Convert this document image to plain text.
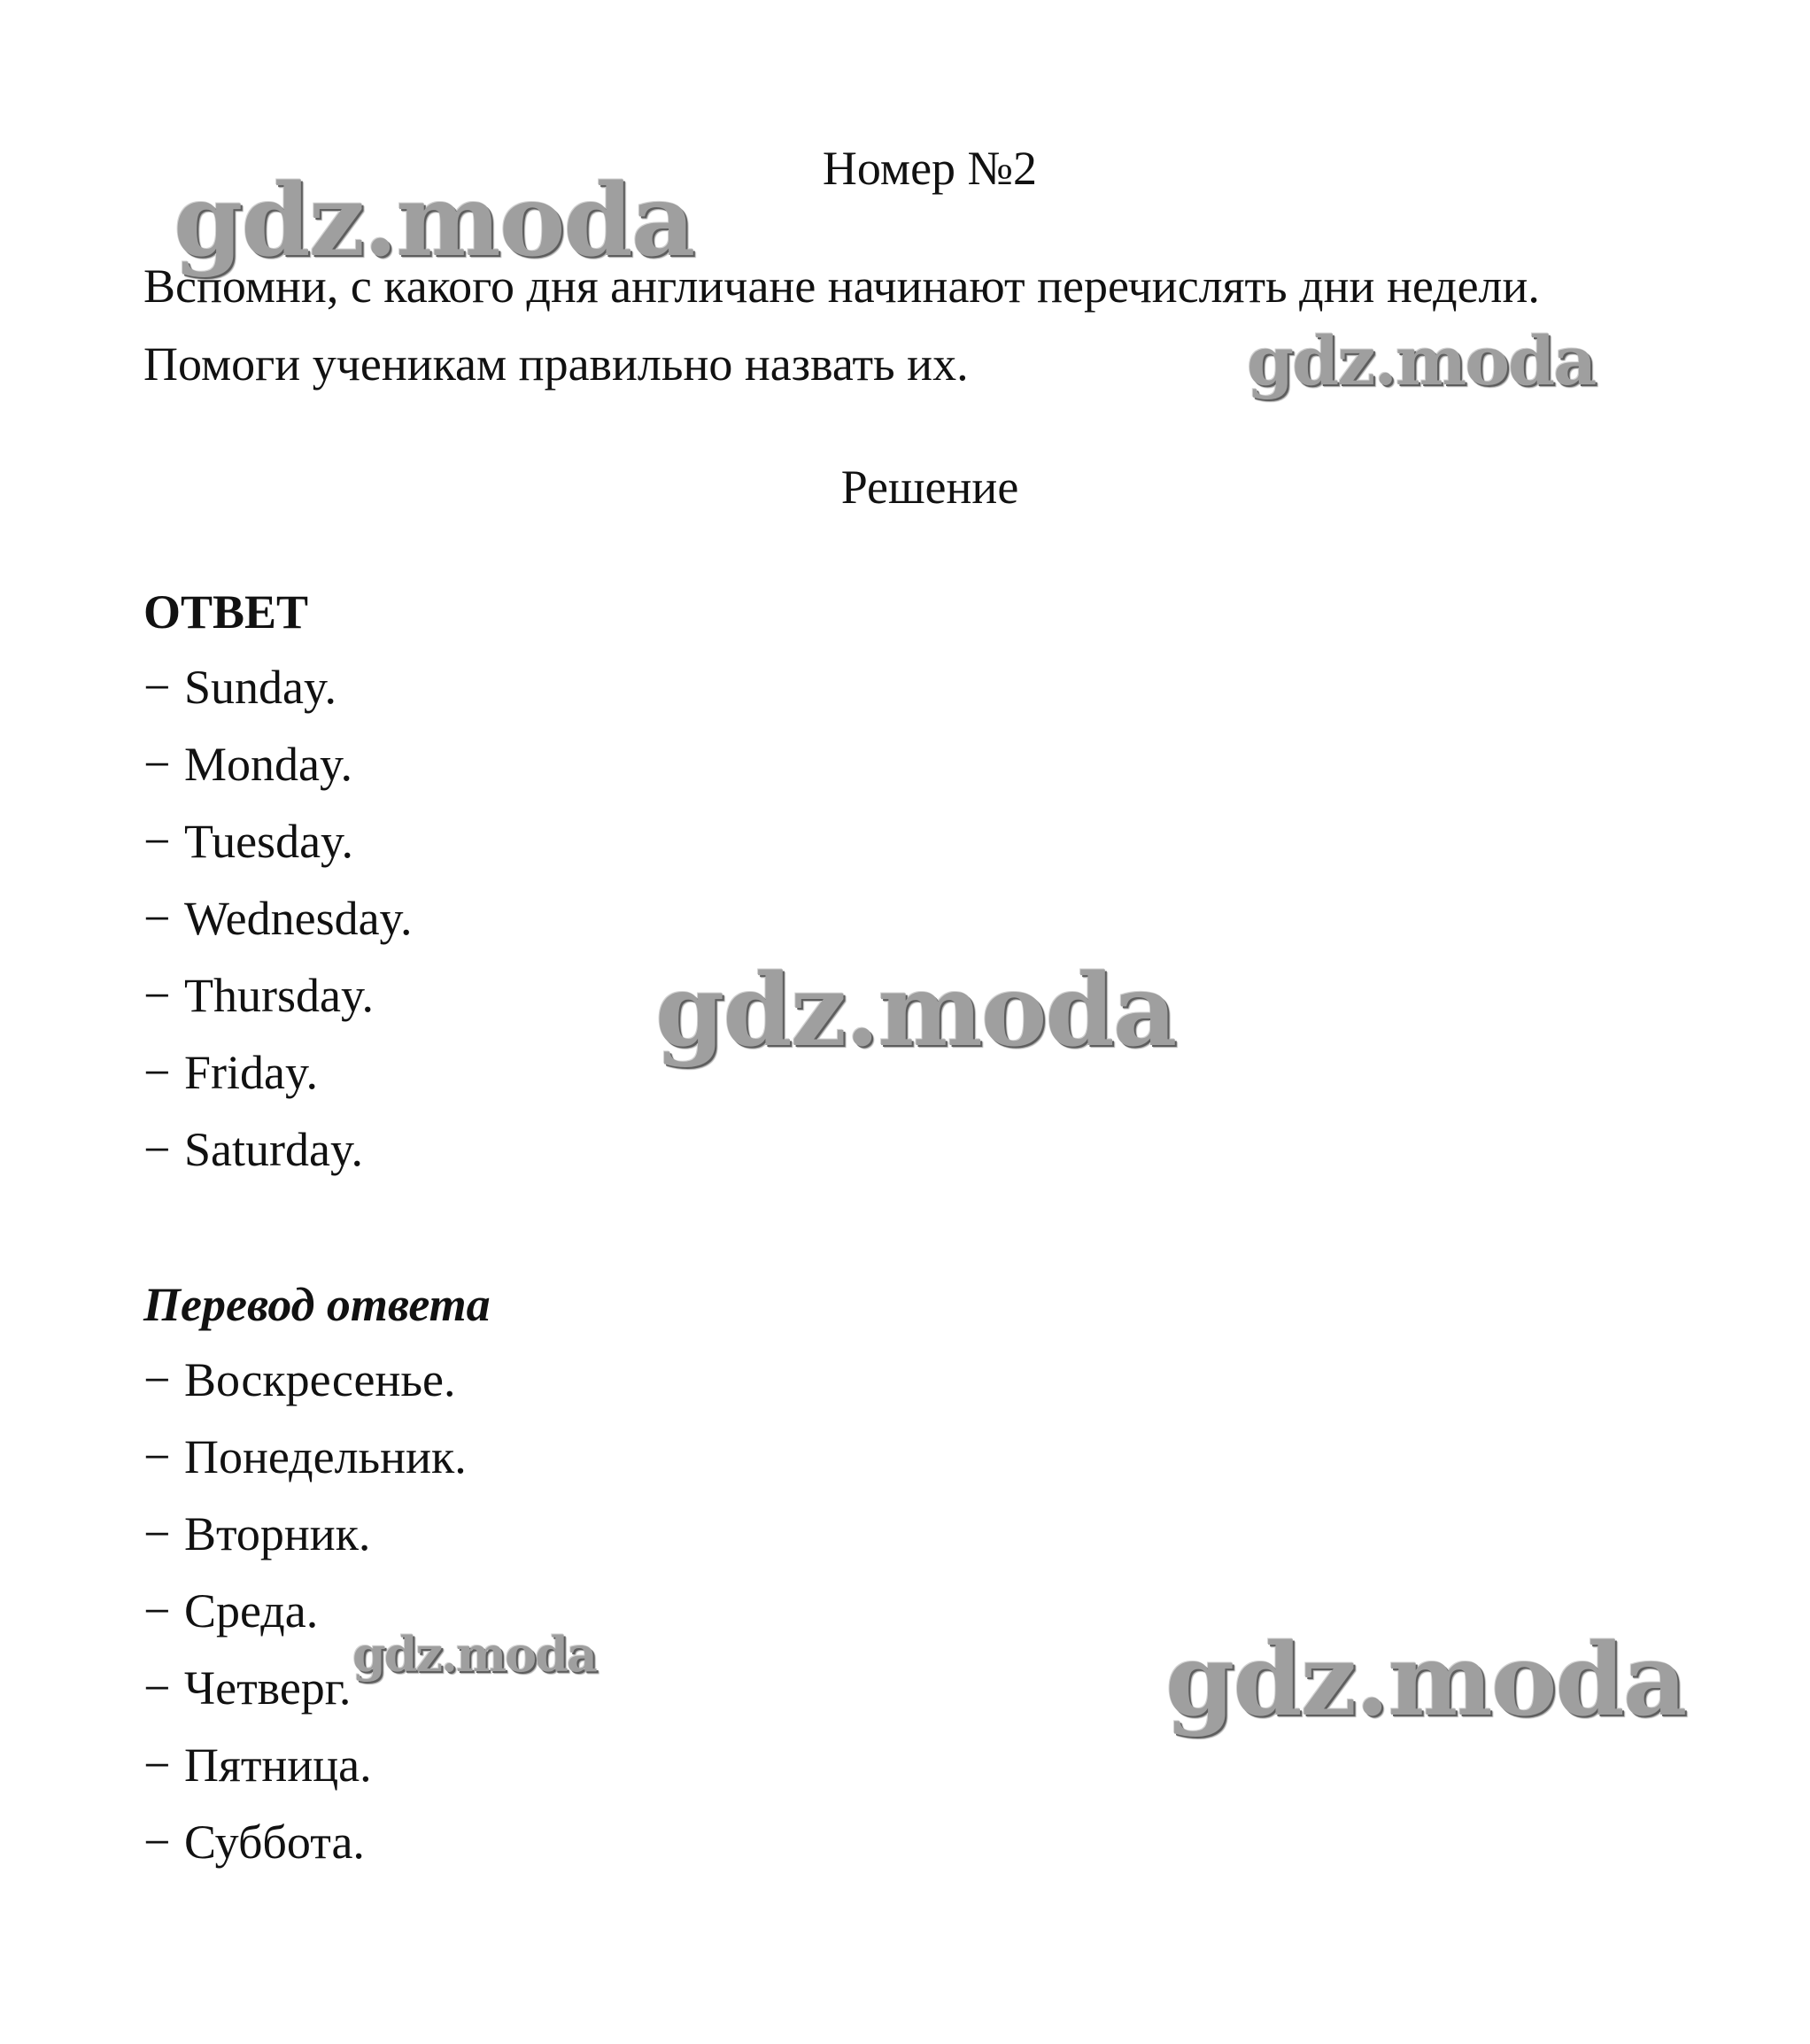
Номер №2
Вспомни, с какого дня англичане начинают перечислять дни недели.
Помоги ученикам правильно назвать их.
Решение
ОТВЕТ
− Sunday.
− Monday.
− Tuesday.
− Wednesday.
− Thursday.
− Friday.
− Saturday.
Перевод ответа
− Воскресенье.
− Понедельник.
− Вторник.
− Среда.
− Четверг.
− Пятница.
− Суббота.
gdz.moda
gdz.moda
gdz.moda
gdz.moda	gdz.moda
